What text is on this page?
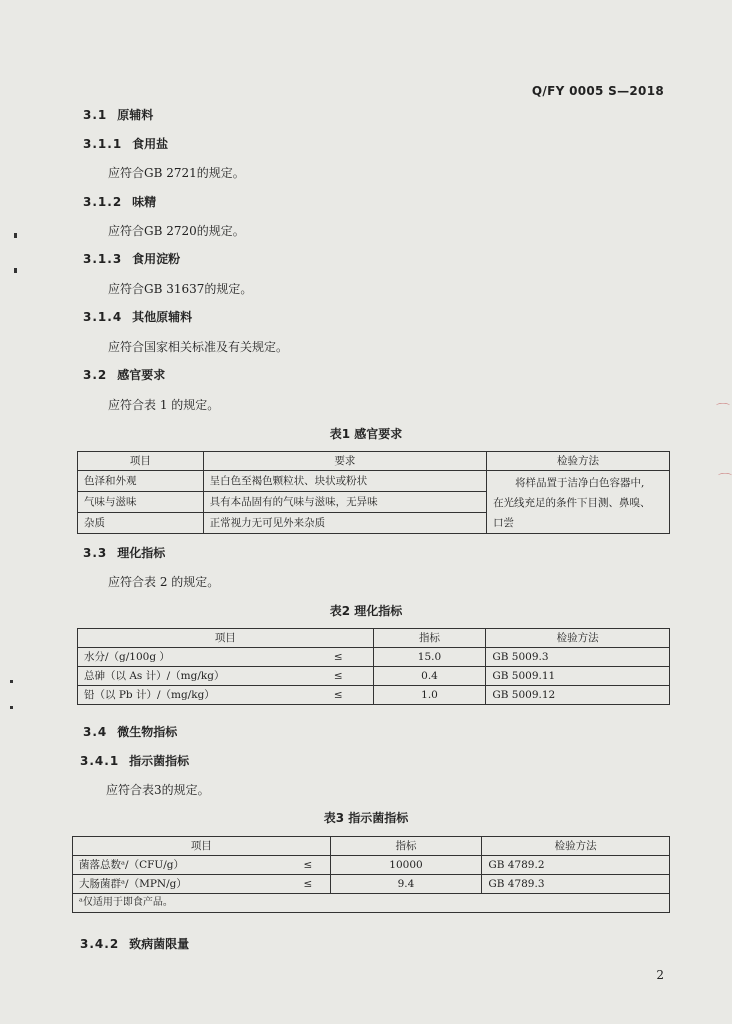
Q/FY 0005 S—2018
3.1 原辅料
3.1.1 食用盐
应符合GB 2721的规定。
3.1.2 味精
应符合GB 2720的规定。
3.1.3 食用淀粉
应符合GB 31637的规定。
3.1.4 其他原辅料
应符合国家相关标准及有关规定。
3.2 感官要求
应符合表 1 的规定。
表1 感官要求
项目	要求	检验方法
色泽和外观	呈白色至褐色颗粒状、块状或粉状	将样品置于洁净白色容器中,
在光线充足的条件下目测、鼻嗅、
口尝

气味与滋味	具有本品固有的气味与滋味，无异味	
杂质	正常视力无可见外来杂质	
3.3 理化指标
应符合表 2 的规定。
表2 理化指标
项目		指标	检验方法
水分/（g/100g ）	≤	15.0	GB 5009.3
总砷（以 As 计）/（mg/kg）	≤	0.4	GB 5009.11
铅（以 Pb 计）/（mg/kg）	≤	1.0	GB 5009.12
3.4 微生物指标
3.4.1 指示菌指标
应符合表3的规定。
表3 指示菌指标
项目		指标	检验方法
菌落总数ᵃ/（CFU/g）	≤	10000	GB 4789.2
大肠菌群ᵃ/（MPN/g）	≤	9.4	GB 4789.3
ᵃ仅适用于即食产品。			
3.4.2 致病菌限量
2
⌒
⌒
